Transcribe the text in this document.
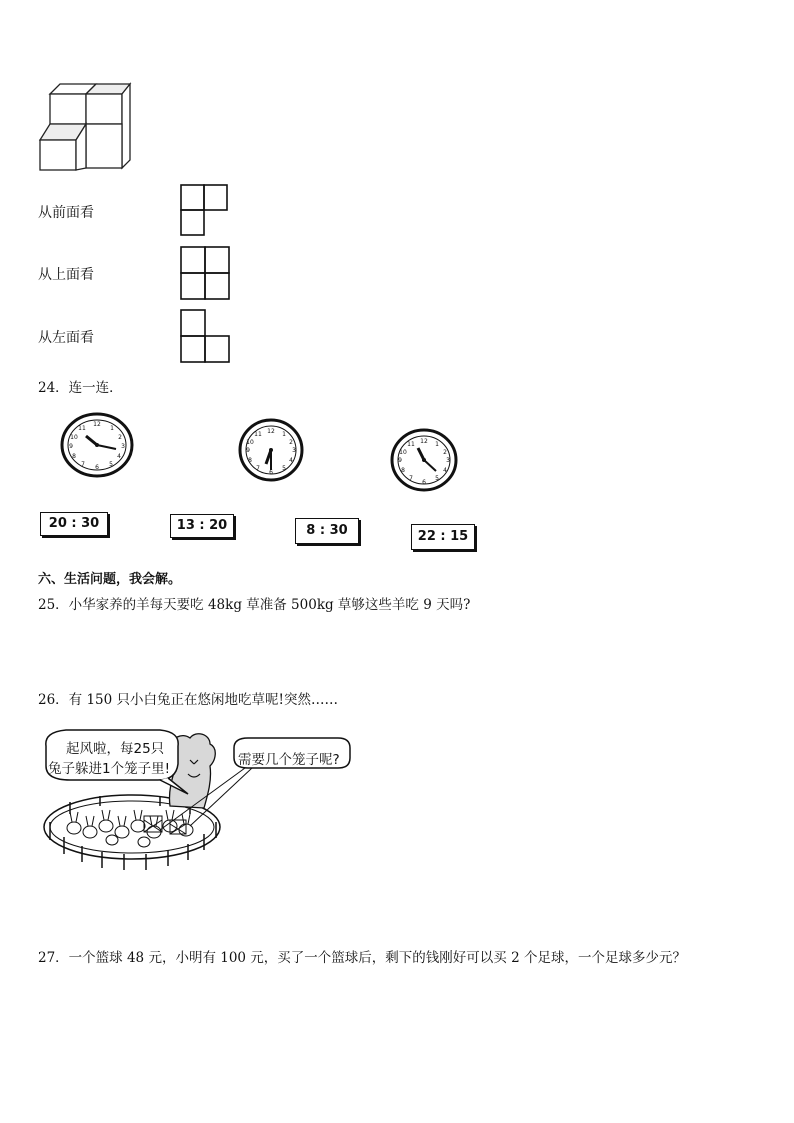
从前面看
从上面看
从左面看
24．连一连．
12
1
2
3
4
5
6
7
8
9
10
11	12 1
2
3
4
5
6
7
8
9
10
11
12 1
2
3
4
5
6
7
8
9
10
11
20 : 30	13 : 20	8 : 30	22 : 15
六、生活问题，我会解。
25．小华家养的羊每天要吃 48kg 草准备 500kg 草够这些羊吃 9 天吗?
26．有 150 只小白兔正在悠闲地吃草呢!突然……
起风啦，每25只
兔子躲进1个笼子里!
需要几个笼子呢?
27．一个篮球 48 元，小明有 100 元，买了一个篮球后，剩下的钱刚好可以买 2 个足球，一个足球多少元？
